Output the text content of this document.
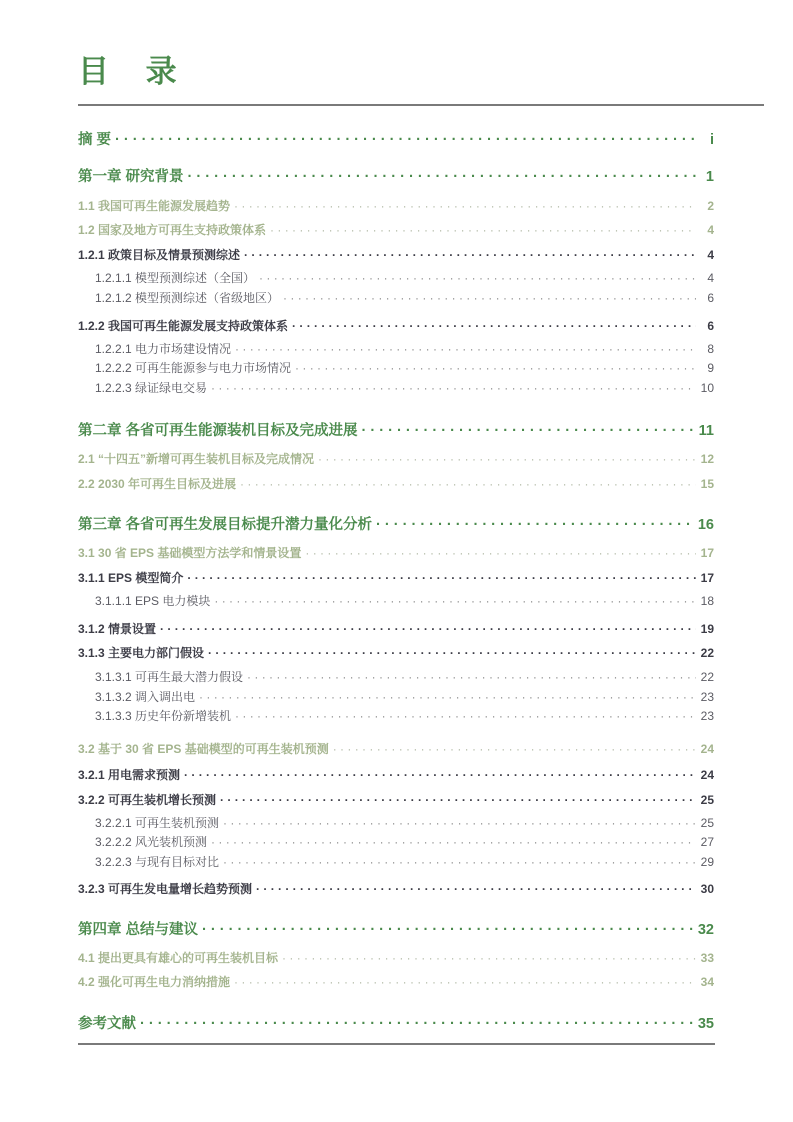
目 录
摘 要 · · ·	i
第一章 研究背景 · · ·	1
1.1 我国可再生能源发展趋势 · · ·	2
1.2 国家及地方可再生支持政策体系 · · ·	4
1.2.1 政策目标及情景预测综述 · · ·	4
1.2.1.1 模型预测综述（全国） · · ·	4
1.2.1.2 模型预测综述（省级地区） · · ·	6
1.2.2 我国可再生能源发展支持政策体系 · · ·	6
1.2.2.1 电力市场建设情况 · · ·	8
1.2.2.2 可再生能源参与电力市场情况 · · ·	9
1.2.2.3 绿证绿电交易 · · ·	10
第二章 各省可再生能源装机目标及完成进展 · · ·	11
2.1 “十四五”新增可再生装机目标及完成情况 · · ·	12
2.2 2030 年可再生目标及进展 · · ·	15
第三章 各省可再生发展目标提升潜力量化分析 · · ·	16
3.1 30 省 EPS 基础模型方法学和情景设置 · · ·	17
3.1.1 EPS 模型简介 · · ·	17
3.1.1.1 EPS 电力模块 · · ·	18
3.1.2 情景设置 · · ·	19
3.1.3 主要电力部门假设 · · ·	22
3.1.3.1 可再生最大潜力假设 · · ·	22
3.1.3.2 调入调出电 · · ·	23
3.1.3.3 历史年份新增装机 · · ·	23
3.2 基于 30 省 EPS 基础模型的可再生装机预测 · · ·	24
3.2.1 用电需求预测 · · ·	24
3.2.2 可再生装机增长预测 · · ·	25
3.2.2.1 可再生装机预测 · · ·	25
3.2.2.2 风光装机预测 · · ·	27
3.2.2.3 与现有目标对比 · · ·	29
3.2.3 可再生发电量增长趋势预测 · · ·	30
第四章 总结与建议 · · ·	32
4.1 提出更具有雄心的可再生装机目标 · · ·	33
4.2 强化可再生电力消纳措施 · · ·	34
参考文献 · · ·	35
